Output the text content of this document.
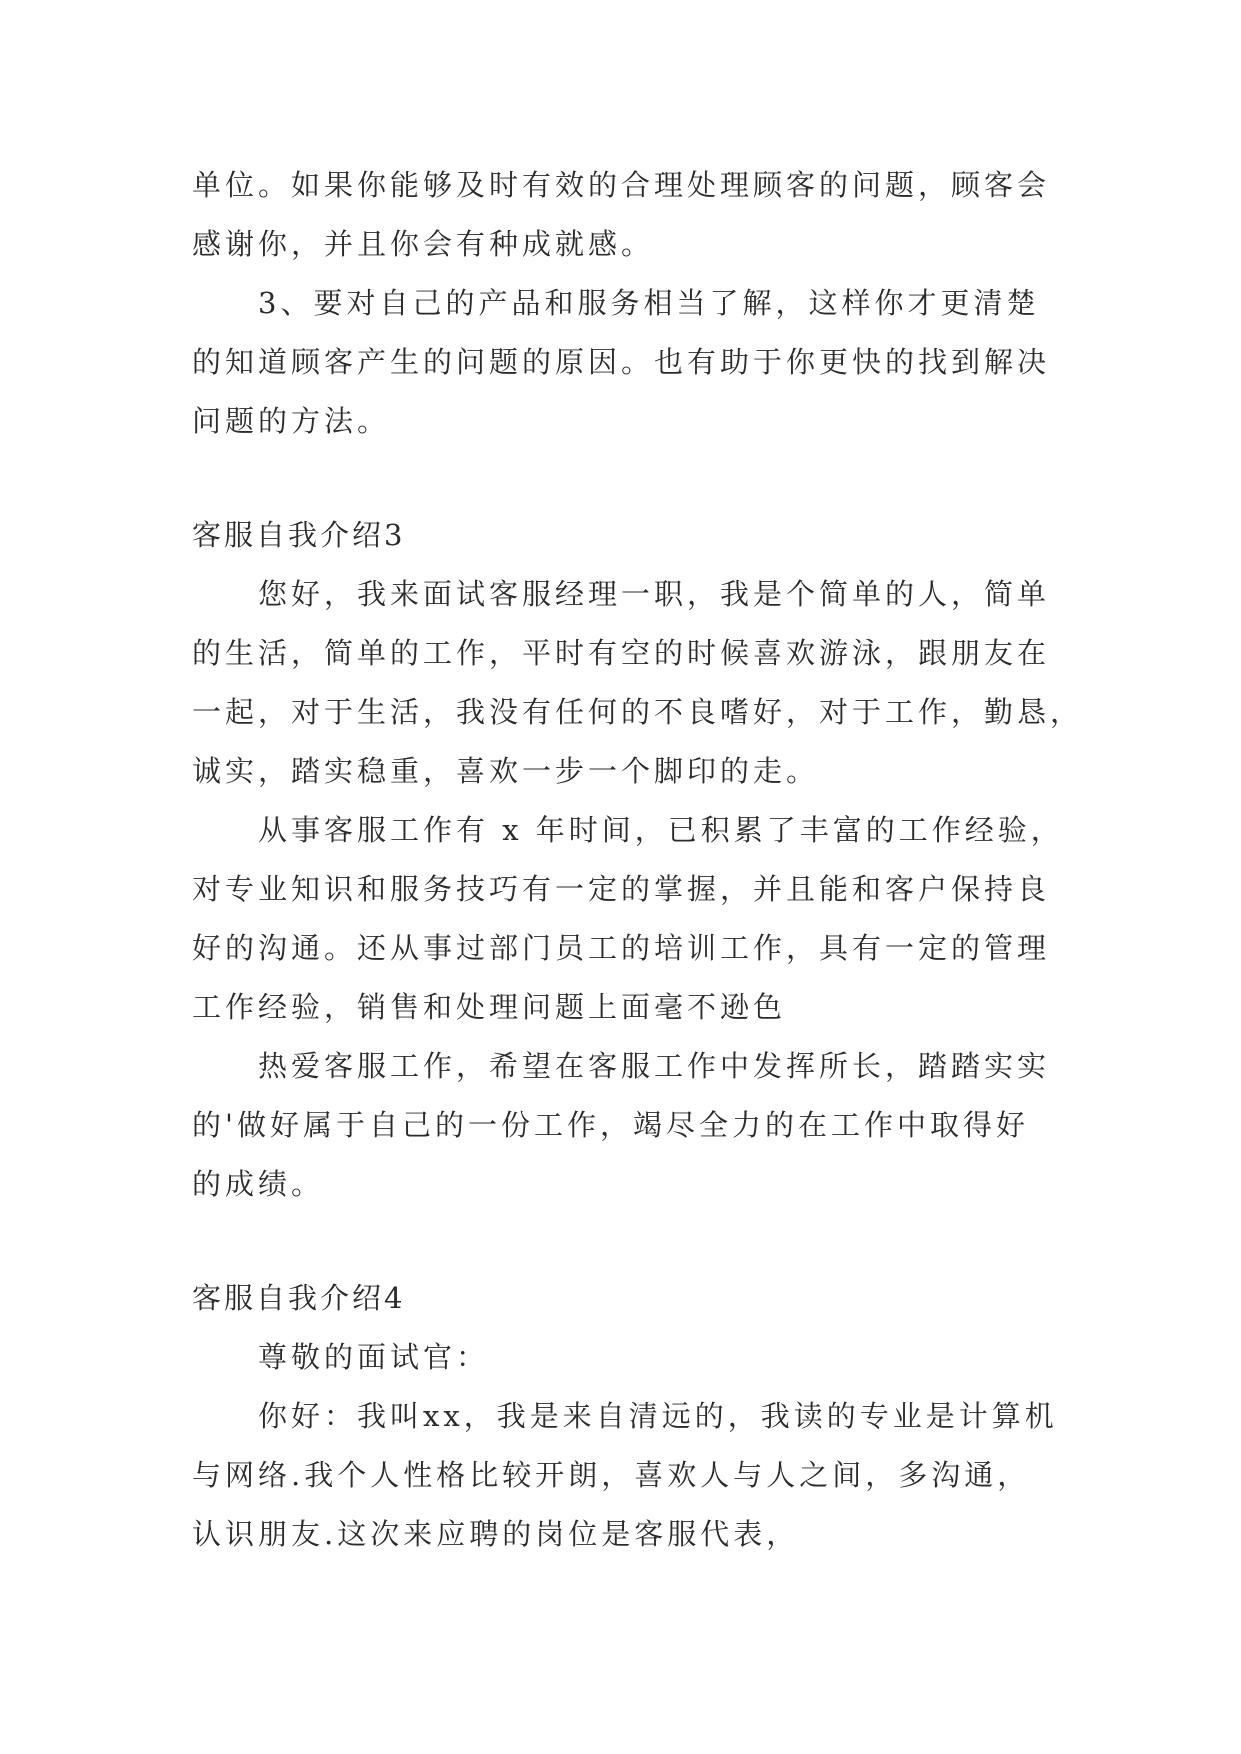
单位。如果你能够及时有效的合理处理顾客的问题，顾客会
感谢你，并且你会有种成就感。
3、要对自己的产品和服务相当了解，这样你才更清楚
的知道顾客产生的问题的原因。也有助于你更快的找到解决
问题的方法。
客服自我介绍3
您好，我来面试客服经理一职，我是个简单的人，简单
的生活，简单的工作，平时有空的时候喜欢游泳，跟朋友在
一起，对于生活，我没有任何的不良嗜好，对于工作，勤恳，
诚实，踏实稳重，喜欢一步一个脚印的走。
从事客服工作有 x 年时间，已积累了丰富的工作经验，
对专业知识和服务技巧有一定的掌握，并且能和客户保持良
好的沟通。还从事过部门员工的培训工作，具有一定的管理
工作经验，销售和处理问题上面毫不逊色
热爱客服工作，希望在客服工作中发挥所长，踏踏实实
的'做好属于自己的一份工作，竭尽全力的在工作中取得好
的成绩。
客服自我介绍4
尊敬的面试官：
你好：我叫xx，我是来自清远的，我读的专业是计算机
与网络.我个人性格比较开朗，喜欢人与人之间，多沟通，
认识朋友.这次来应聘的岗位是客服代表，
